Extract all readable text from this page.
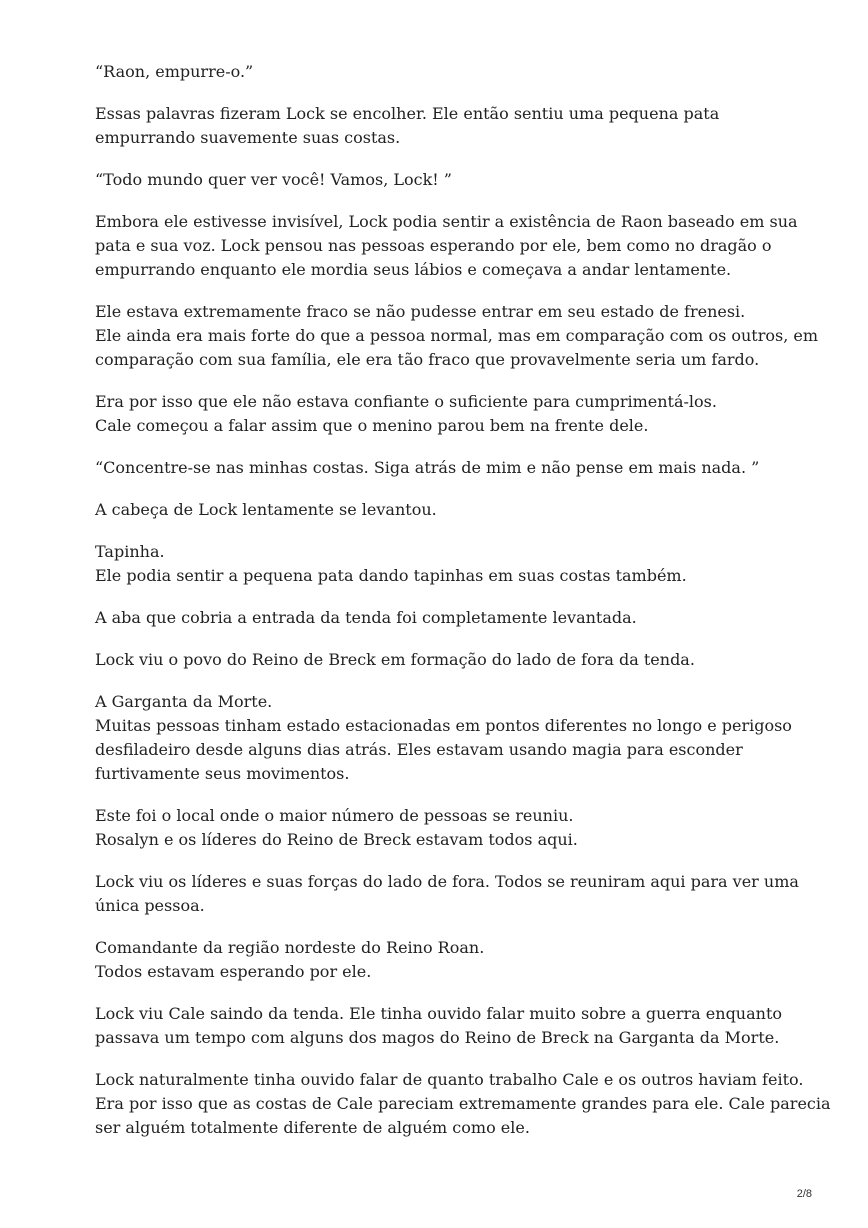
“Raon, empurre-o.”

Essas palavras fizeram Lock se encolher. Ele então sentiu uma pequena pata
empurrando suavemente suas costas.

“Todo mundo quer ver você! Vamos, Lock! ”

Embora ele estivesse invisível, Lock podia sentir a existência de Raon baseado em sua
pata e sua voz. Lock pensou nas pessoas esperando por ele, bem como no dragão o
empurrando enquanto ele mordia seus lábios e começava a andar lentamente.

Ele estava extremamente fraco se não pudesse entrar em seu estado de frenesi.
Ele ainda era mais forte do que a pessoa normal, mas em comparação com os outros, em
comparação com sua família, ele era tão fraco que provavelmente seria um fardo.

Era por isso que ele não estava confiante o suficiente para cumprimentá-los.
Cale começou a falar assim que o menino parou bem na frente dele.

“Concentre-se nas minhas costas. Siga atrás de mim e não pense em mais nada. ”

A cabeça de Lock lentamente se levantou.

Tapinha.
Ele podia sentir a pequena pata dando tapinhas em suas costas também.

A aba que cobria a entrada da tenda foi completamente levantada.

Lock viu o povo do Reino de Breck em formação do lado de fora da tenda.

A Garganta da Morte.
Muitas pessoas tinham estado estacionadas em pontos diferentes no longo e perigoso
desfiladeiro desde alguns dias atrás. Eles estavam usando magia para esconder
furtivamente seus movimentos.

Este foi o local onde o maior número de pessoas se reuniu.
Rosalyn e os líderes do Reino de Breck estavam todos aqui.

Lock viu os líderes e suas forças do lado de fora. Todos se reuniram aqui para ver uma
única pessoa.

Comandante da região nordeste do Reino Roan.
Todos estavam esperando por ele.

Lock viu Cale saindo da tenda. Ele tinha ouvido falar muito sobre a guerra enquanto
passava um tempo com alguns dos magos do Reino de Breck na Garganta da Morte.

Lock naturalmente tinha ouvido falar de quanto trabalho Cale e os outros haviam feito.
Era por isso que as costas de Cale pareciam extremamente grandes para ele. Cale parecia
ser alguém totalmente diferente de alguém como ele.

2/8
